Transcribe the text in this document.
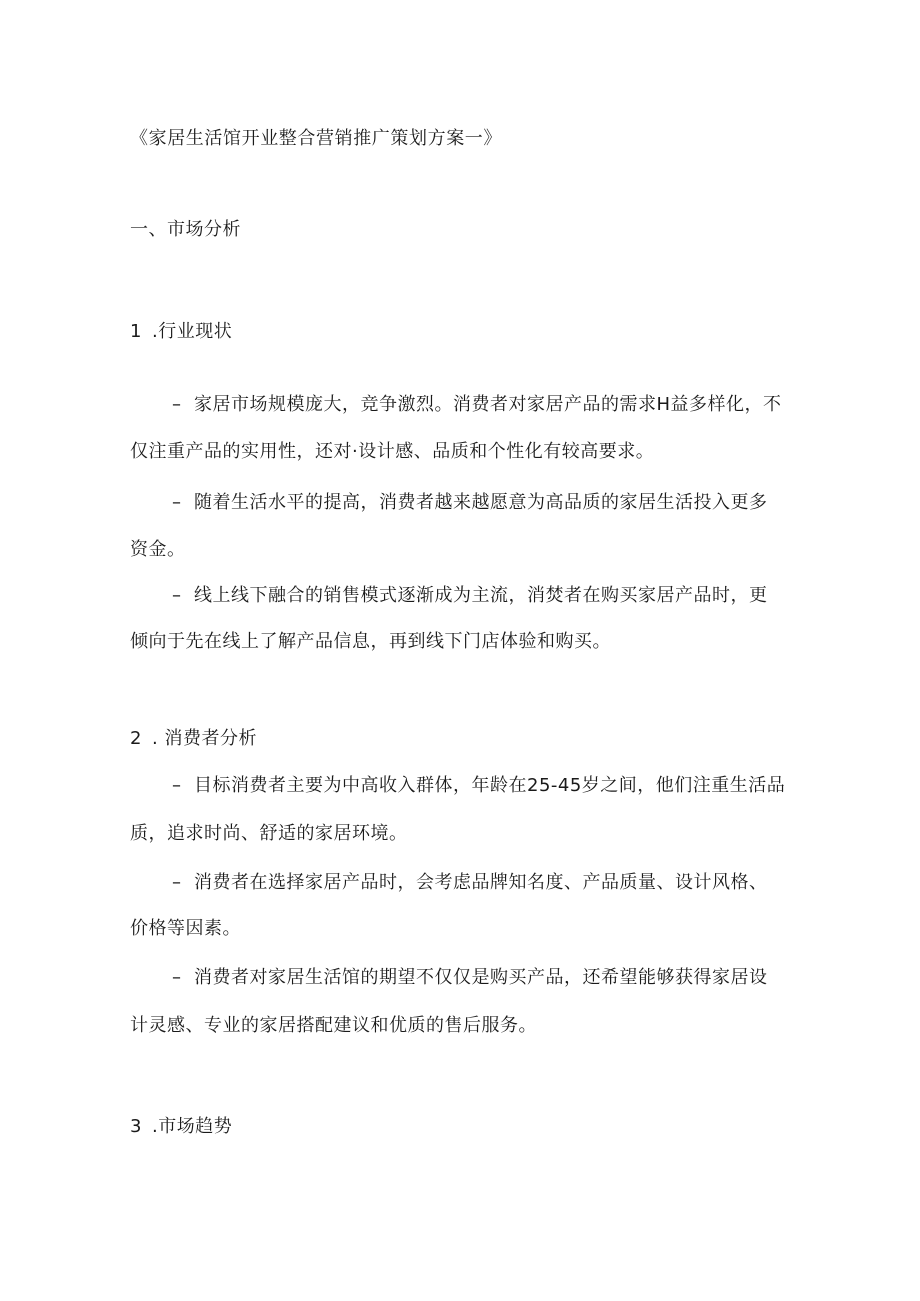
《家居生活馆开业整合营销推广策划方案一》
一、市场分析
1 .行业现状
– 家居市场规模庞大，竞争激烈。消费者对家居产品的需求H益多样化，不
仅注重产品的实用性，还对·设计感、品质和个性化有较高要求。
– 随着生活水平的提高，消费者越来越愿意为高品质的家居生活投入更多
资金。
– 线上线下融合的销售模式逐渐成为主流，消焚者在购买家居产品时，更
倾向于先在线上了解产品信息，再到线下门店体验和购买。
2 . 消费者分析
– 目标消费者主要为中高收入群体，年龄在25-45岁之间，他们注重生活品
质，追求时尚、舒适的家居环境。
– 消费者在选择家居产品时，会考虑品牌知名度、产品质量、设计风格、
价格等因素。
– 消费者对家居生活馆的期望不仅仅是购买产品，还希望能够获得家居设
计灵感、专业的家居搭配建议和优质的售后服务。
3 .市场趋势
